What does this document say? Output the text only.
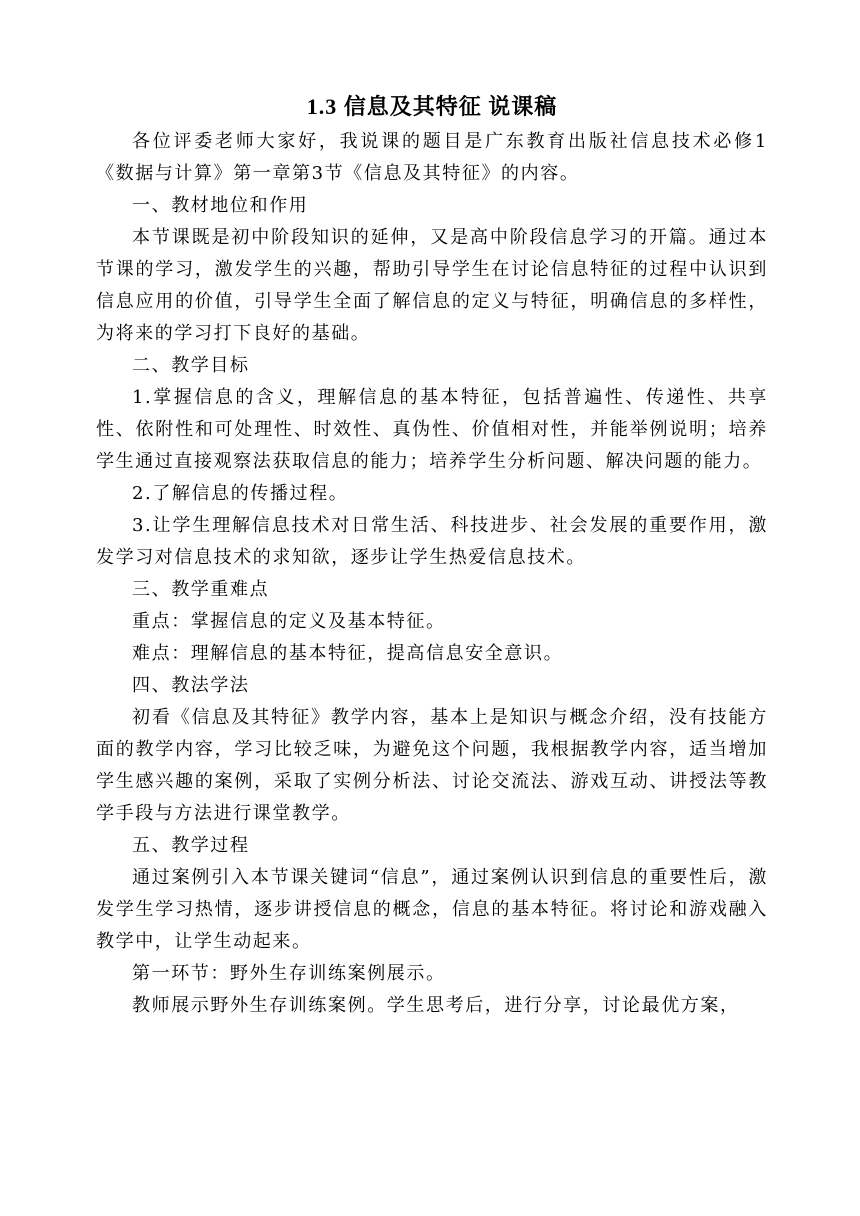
1.3 信息及其特征 说课稿

各位评委老师大家好，我说课的题目是广东教育出版社信息技术必修1《数据与计算》第一章第3节《信息及其特征》的内容。

一、教材地位和作用

本节课既是初中阶段知识的延伸，又是高中阶段信息学习的开篇。通过本节课的学习，激发学生的兴趣，帮助引导学生在讨论信息特征的过程中认识到信息应用的价值，引导学生全面了解信息的定义与特征，明确信息的多样性，为将来的学习打下良好的基础。

二、教学目标

1.掌握信息的含义，理解信息的基本特征，包括普遍性、传递性、共享性、依附性和可处理性、时效性、真伪性、价值相对性，并能举例说明；培养学生通过直接观察法获取信息的能力；培养学生分析问题、解决问题的能力。

2.了解信息的传播过程。

3.让学生理解信息技术对日常生活、科技进步、社会发展的重要作用，激发学习对信息技术的求知欲，逐步让学生热爱信息技术。

三、教学重难点

重点：掌握信息的定义及基本特征。

难点：理解信息的基本特征，提高信息安全意识。

四、教法学法

初看《信息及其特征》教学内容，基本上是知识与概念介绍，没有技能方面的教学内容，学习比较乏味，为避免这个问题，我根据教学内容，适当增加学生感兴趣的案例，采取了实例分析法、讨论交流法、游戏互动、讲授法等教学手段与方法进行课堂教学。

五、教学过程

通过案例引入本节课关键词“信息”，通过案例认识到信息的重要性后，激发学生学习热情，逐步讲授信息的概念，信息的基本特征。将讨论和游戏融入教学中，让学生动起来。

第一环节：野外生存训练案例展示。

教师展示野外生存训练案例。学生思考后，进行分享，讨论最优方案，
